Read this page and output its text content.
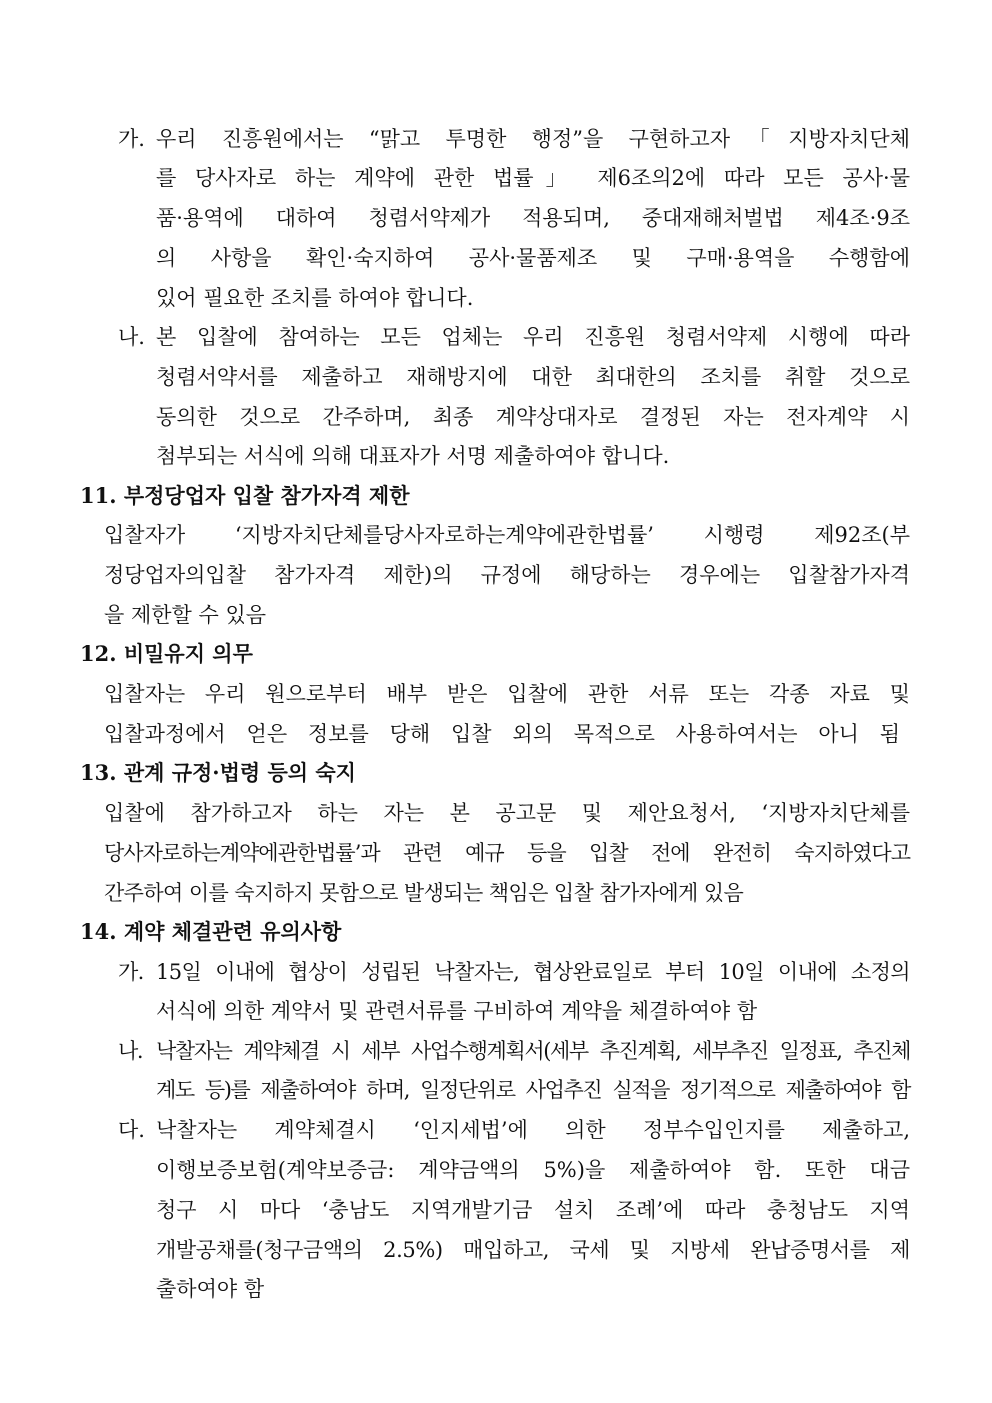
가. 우리 진흥원에서는 “맑고 투명한 행정”을 구현하고자「지방자치단체
를 당사자로 하는 계약에 관한 법률」 제6조의2에 따라 모든 공사·물
품·용역에 대하여 청렴서약제가 적용되며, 중대재해처벌법 제4조·9조
의 사항을 확인·숙지하여 공사·물품제조 및 구매·용역을 수행함에
있어 필요한 조치를 하여야 합니다.
나. 본 입찰에 참여하는 모든 업체는 우리 진흥원 청렴서약제 시행에 따라
청렴서약서를 제출하고 재해방지에 대한 최대한의 조치를 취할 것으로
동의한 것으로 간주하며, 최종 계약상대자로 결정된 자는 전자계약 시
첨부되는 서식에 의해 대표자가 서명 제출하여야 합니다.
11. 부정당업자 입찰 참가자격 제한
입찰자가 ‘지방자치단체를당사자로하는계약에관한법률’ 시행령 제92조(부
정당업자의입찰 참가자격 제한)의 규정에 해당하는 경우에는 입찰참가자격
을 제한할 수 있음
12. 비밀유지 의무
입찰자는 우리 원으로부터 배부 받은 입찰에 관한 서류 또는 각종 자료 및
입찰과정에서 얻은 정보를 당해 입찰 외의 목적으로 사용하여서는 아니 됨
13. 관계 규정·법령 등의 숙지
입찰에 참가하고자 하는 자는 본 공고문 및 제안요청서, ‘지방자치단체를
당사자로하는계약에관한법률’과 관련 예규 등을 입찰 전에 완전히 숙지하였다고
간주하여 이를 숙지하지 못함으로 발생되는 책임은 입찰 참가자에게 있음
14. 계약 체결관련 유의사항
가. 15일 이내에 협상이 성립된 낙찰자는, 협상완료일로 부터 10일 이내에 소정의
서식에 의한 계약서 및 관련서류를 구비하여 계약을 체결하여야 함
나. 낙찰자는 계약체결 시 세부 사업수행계획서(세부 추진계획, 세부추진 일정표, 추진체
계도 등)를 제출하여야 하며, 일정단위로 사업추진 실적을 정기적으로 제출하여야 함
다. 낙찰자는 계약체결시 ‘인지세법’에 의한 정부수입인지를 제출하고,
이행보증보험(계약보증금: 계약금액의 5%)을 제출하여야 함. 또한 대금
청구 시 마다 ‘충남도 지역개발기금 설치 조례’에 따라 충청남도 지역
개발공채를(청구금액의 2.5%) 매입하고, 국세 및 지방세 완납증명서를 제
출하여야 함
